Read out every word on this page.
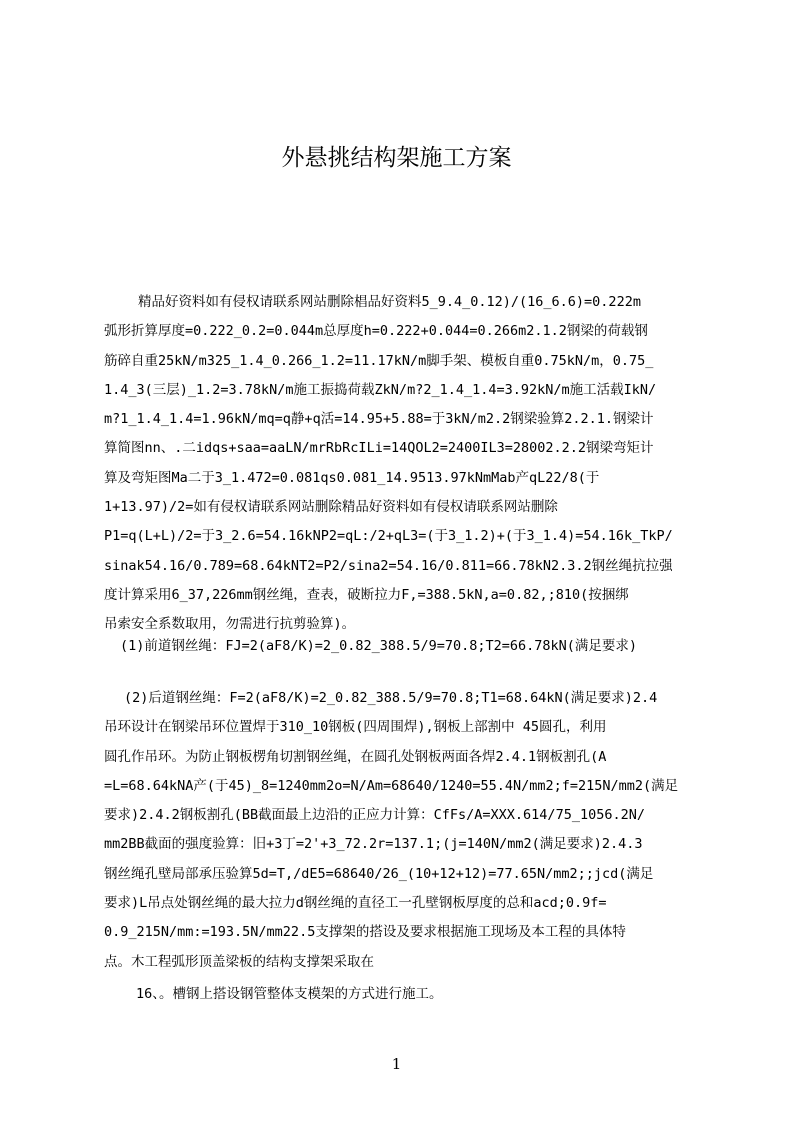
外悬挑结构架施工方案
精品好资料如有侵权请联系网站删除椙品好资料5_9.4_0.12)/(16_6.6)=0.222m
弧形折算厚度=0.222_0.2=0.044m总厚度h=0.222+0.044=0.266m2.1.2钢梁的荷载钢
筋碎自重25kN/m325_1.4_0.266_1.2=11.17kN/m脚手架、模板自重0.75kN/m，0.75_
1.4_3(三层)_1.2=3.78kN/m施工振捣荷载ZkN/m?2_1.4_1.4=3.92kN/m施工活载IkN/
m?1_1.4_1.4=1.96kN/mq=q静+q活=14.95+5.88=于3kN/m2.2钢梁验算2.2.1.钢梁计
算简图nn、.二idqs+saa=aaLN/mrRbRcILi=14QOL2=2400IL3=28002.2.2钢梁弯矩计
算及弯矩图Ma二于3_1.472=0.081qs0.081_14.9513.97kNmMab产qL22/8(于
1+13.97)/2=如有侵权请联系网站删除精品好资料如有侵权请联系网站删除
P1=q(L+L)/2=于3_2.6=54.16kNP2=qL:/2+qL3=(于3_1.2)+(于3_1.4)=54.16k_TkP/
sinak54.16/0.789=68.64kNT2=P2/sina2=54.16/0.811=66.78kN2.3.2钢丝绳抗拉强
度计算采用6_37,226mm钢丝绳，查表，破断拉力F,=388.5kN,a=0.82,;810(按捆绑
吊索安全系数取用，勿需进行抗剪验算)。
(1)前道钢丝绳：FJ=2(aF8/K)=2_0.82_388.5/9=70.8;T2=66.78kN(满足要求)
(2)后道钢丝绳：F=2(aF8/K)=2_0.82_388.5/9=70.8;T1=68.64kN(满足要求)2.4
吊环设计在钢梁吊环位置焊于310_10钢板(四周围焊),钢板上部割中 45圆孔，利用
圆孔作吊环。为防止钢板楞角切割钢丝绳，在圆孔处钢板两面各焊2.4.1钢板割孔(A
=L=68.64kNA产(于45)_8=1240mm2o=N/Am=68640/1240=55.4N/mm2;f=215N/mm2(满足
要求)2.4.2钢板割孔(BB截面最上边沿的正应力计算：CfFs/A=XXX.614/75_1056.2N/
mm2BB截面的强度验算：旧+3丁=2'+3_72.2r=137.1;(j=140N/mm2(满足要求)2.4.3
钢丝绳孔壁局部承压验算5d=T,/dE5=68640/26_(10+12+12)=77.65N/mm2;;jcd(满足
要求)L吊点处钢丝绳的最大拉力d钢丝绳的直径工一孔壁钢板厚度的总和acd;0.9f=
0.9_215N/mm:=193.5N/mm22.5支撑架的搭设及要求根据施工现场及本工程的具体特
点。木工程弧形顶盖梁板的结构支撑架采取在
16、。槽钢上搭设钢管整体支模架的方式进行施工。
1
